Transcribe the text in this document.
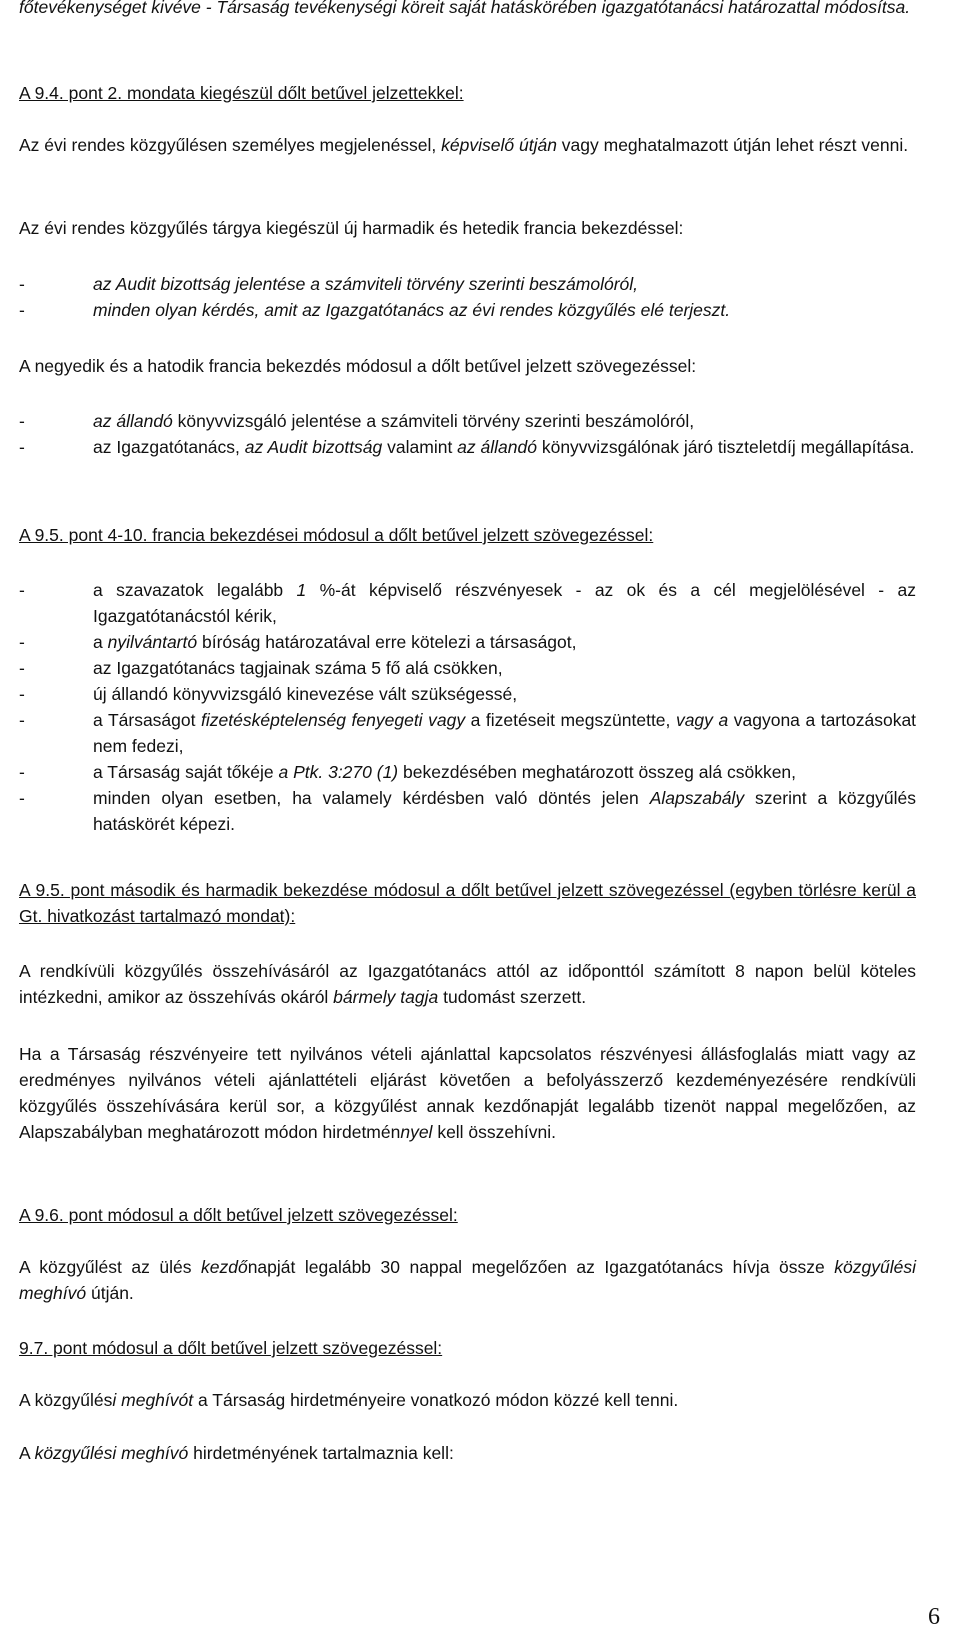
főtevékenységet kivéve - Társaság tevékenységi köreit saját hatáskörében igazgatótanácsi határozattal módosítsa.

A 9.4. pont 2. mondata kiegészül dőlt betűvel jelzettekkel:

Az évi rendes közgyűlésen személyes megjelenéssel, képviselő útján vagy meghatalmazott útján lehet részt venni.

Az évi rendes közgyűlés tárgya kiegészül új harmadik és hetedik francia bekezdéssel:

-	az Audit bizottság jelentése a számviteli törvény szerinti beszámolóról,
-	minden olyan kérdés, amit az Igazgatótanács az évi rendes közgyűlés elé terjeszt.

A negyedik és a hatodik francia bekezdés módosul a dőlt betűvel jelzett szövegezéssel:

-	az állandó könyvvizsgáló jelentése a számviteli törvény szerinti beszámolóról,
-	az Igazgatótanács, az Audit bizottság valamint az állandó könyvvizsgálónak járó tiszteletdíj megállapítása.

A 9.5. pont 4-10. francia bekezdései módosul a dőlt betűvel jelzett szövegezéssel:

-	a szavazatok legalább 1 %-át képviselő részvényesek - az ok és a cél megjelölésével - az Igazgatótanácstól kérik,
-	a nyilvántartó bíróság határozatával erre kötelezi a társaságot,
-	az Igazgatótanács tagjainak száma 5 fő alá csökken,
-	új állandó könyvvizsgáló kinevezése vált szükségessé,
-	a Társaságot fizetésképtelenség fenyegeti vagy a fizetéseit megszüntette, vagy a vagyona a tartozásokat nem fedezi,
-	a Társaság saját tőkéje a Ptk. 3:270 (1) bekezdésében meghatározott összeg alá csökken,
-	minden olyan esetben, ha valamely kérdésben való döntés jelen Alapszabály szerint a közgyűlés hatáskörét képezi.

A 9.5. pont második és harmadik bekezdése módosul a dőlt betűvel jelzett szövegezéssel (egyben törlésre kerül a Gt. hivatkozást tartalmazó mondat):

A rendkívüli közgyűlés összehívásáról az Igazgatótanács attól az időponttól számított 8 napon belül köteles intézkedni, amikor az összehívás okáról bármely tagja tudomást szerzett.

Ha a Társaság részvényeire tett nyilvános vételi ajánlattal kapcsolatos részvényesi állásfoglalás miatt vagy az eredményes nyilvános vételi ajánlattételi eljárást követően a befolyásszerző kezdeményezésére rendkívüli közgyűlés összehívására kerül sor, a közgyűlést annak kezdőnapját legalább tizenöt nappal megelőzően, az Alapszabályban meghatározott módon hirdetménnyel kell összehívni.

A 9.6. pont módosul a dőlt betűvel jelzett szövegezéssel:

A közgyűlést az ülés kezdőnapját legalább 30 nappal megelőzően az Igazgatótanács hívja össze közgyűlési meghívó útján.

9.7. pont módosul a dőlt betűvel jelzett szövegezéssel:

A közgyűlési meghívót a Társaság hirdetményeire vonatkozó módon közzé kell tenni.

A közgyűlési meghívó hirdetményének tartalmaznia kell:

6
